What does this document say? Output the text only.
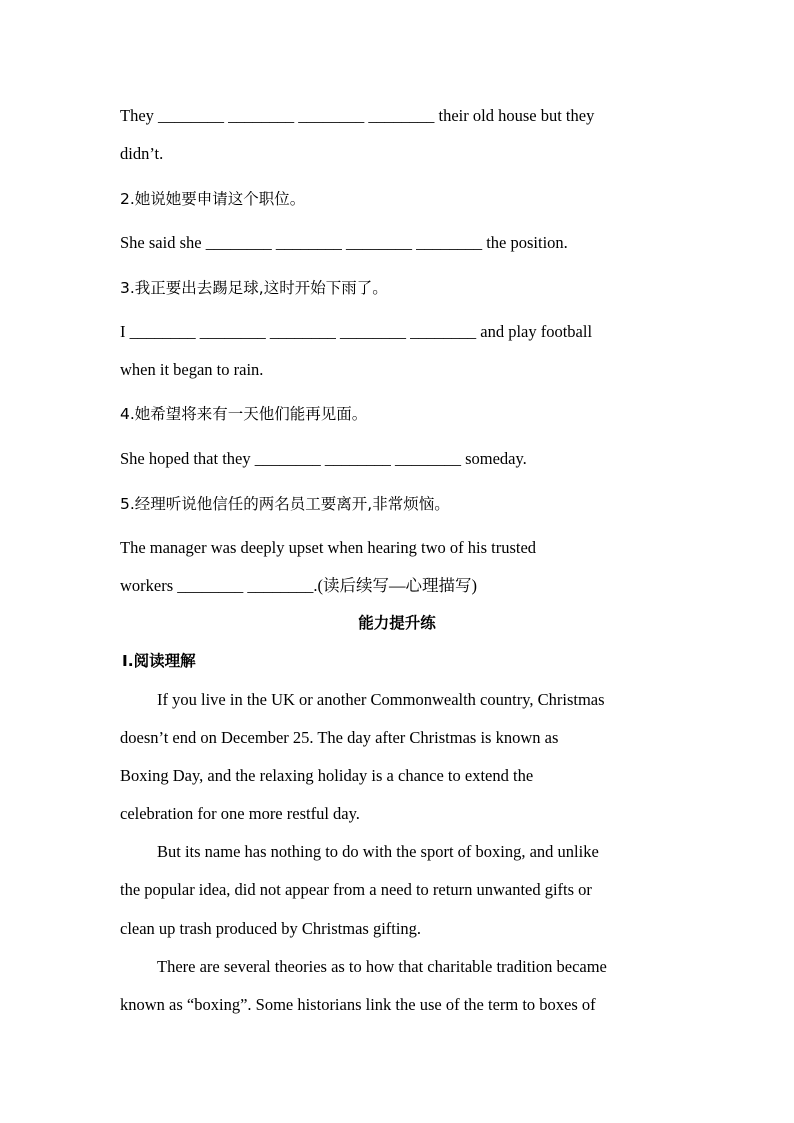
They ________ ________ ________ ________ their old house but they
didn’t.
2.她说她要申请这个职位。
She said she ________ ________ ________ ________ the position.
3.我正要出去踢足球,这时开始下雨了。
I ________ ________ ________ ________ ________ and play football
when it began to rain.
4.她希望将来有一天他们能再见面。
She hoped that they ________ ________ ________ someday.
5.经理听说他信任的两名员工要离开,非常烦恼。
The manager was deeply upset when hearing two of his trusted
workers ________ ________.(读后续写—心理描写)
能力提升练
Ⅰ.阅读理解
If you live in the UK or another Commonwealth country, Christmas
doesn’t end on December 25. The day after Christmas is known as
Boxing Day, and the relaxing holiday is a chance to extend the
celebration for one more restful day.
But its name has nothing to do with the sport of boxing, and unlike
the popular idea, did not appear from a need to return unwanted gifts or
clean up trash produced by Christmas gifting.
There are several theories as to how that charitable tradition became
known as “boxing”. Some historians link the use of the term to boxes of
